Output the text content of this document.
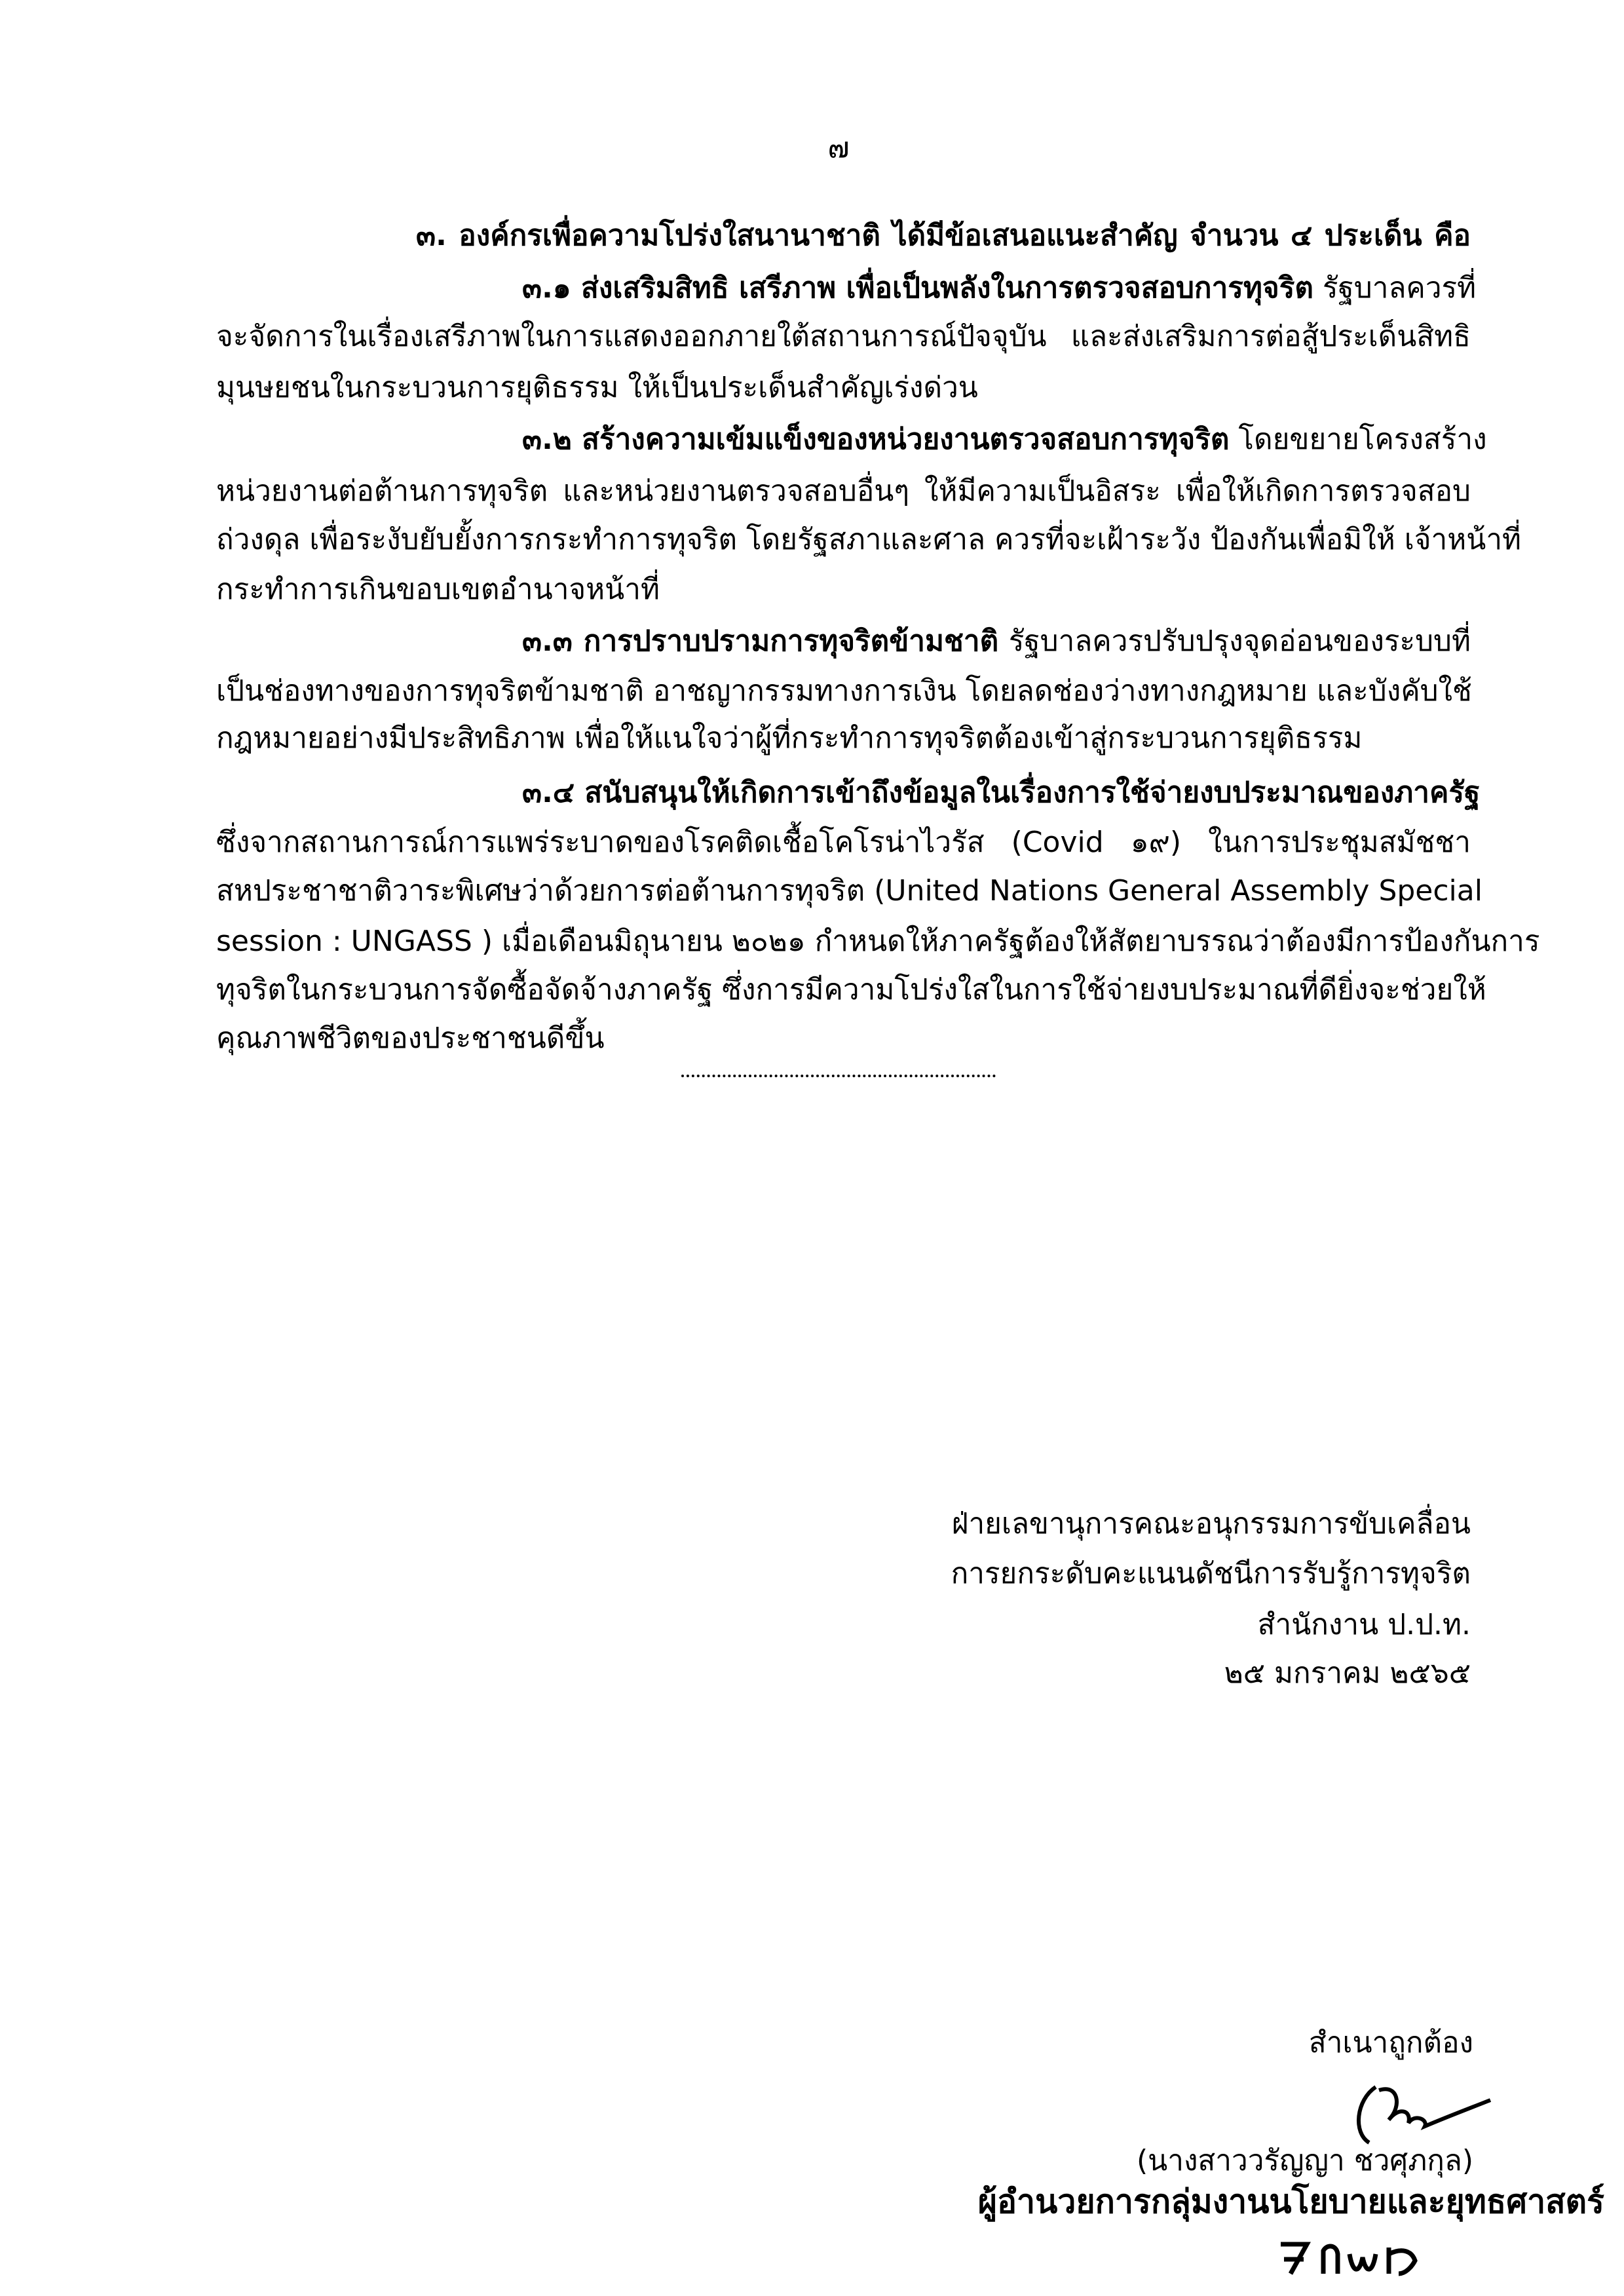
๗
๓. องค์กรเพื่อความโปร่งใสนานาชาติ ได้มีข้อเสนอแนะสำคัญ จำนวน ๔ ประเด็น คือ
๓.๑ ส่งเสริมสิทธิ เสรีภาพ เพื่อเป็นพลังในการตรวจสอบการทุจริต รัฐบาลควรที่
จะจัดการในเรื่องเสรีภาพในการแสดงออกภายใต้สถานการณ์ปัจจุบัน และส่งเสริมการต่อสู้ประเด็นสิทธิ
มุนษยชนในกระบวนการยุติธรรม ให้เป็นประเด็นสำคัญเร่งด่วน
๓.๒ สร้างความเข้มแข็งของหน่วยงานตรวจสอบการทุจริต โดยขยายโครงสร้าง
หน่วยงานต่อต้านการทุจริต และหน่วยงานตรวจสอบอื่นๆ ให้มีความเป็นอิสระ เพื่อให้เกิดการตรวจสอบ
ถ่วงดุล เพื่อระงับยับยั้งการกระทำการทุจริต โดยรัฐสภาและศาล ควรที่จะเฝ้าระวัง ป้องกันเพื่อมิให้ เจ้าหน้าที่
กระทำการเกินขอบเขตอำนาจหน้าที่
๓.๓ การปราบปรามการทุจริตข้ามชาติ รัฐบาลควรปรับปรุงจุดอ่อนของระบบที่
เป็นช่องทางของการทุจริตข้ามชาติ อาชญากรรมทางการเงิน โดยลดช่องว่างทางกฎหมาย และบังคับใช้
กฎหมายอย่างมีประสิทธิภาพ เพื่อให้แนใจว่าผู้ที่กระทำการทุจริตต้องเข้าสู่กระบวนการยุติธรรม
๓.๔ สนับสนุนให้เกิดการเข้าถึงข้อมูลในเรื่องการใช้จ่ายงบประมาณของภาครัฐ
ซึ่งจากสถานการณ์การแพร่ระบาดของโรคติดเชื้อโคโรน่าไวรัส (Covid ๑๙) ในการประชุมสมัชชา
สหประชาชาติวาระพิเศษว่าด้วยการต่อต้านการทุจริต (United Nations General Assembly Special
session : UNGASS ) เมื่อเดือนมิถุนายน ๒๐๒๑ กำหนดให้ภาครัฐต้องให้สัตยาบรรณว่าต้องมีการป้องกันการ
ทุจริตในกระบวนการจัดซื้อจัดจ้างภาครัฐ ซึ่งการมีความโปร่งใสในการใช้จ่ายงบประมาณที่ดียิ่งจะช่วยให้
คุณภาพชีวิตของประชาชนดีขึ้น
ฝ่ายเลขานุการคณะอนุกรรมการขับเคลื่อน
การยกระดับคะแนนดัชนีการรับรู้การทุจริต
สำนักงาน ป.ป.ท.
๒๕ มกราคม ๒๕๖๕
สำเนาถูกต้อง
(นางสาววรัญญา ชวศุภกุล)
ผู้อำนวยการกลุ่มงานนโยบายและยุทธศาสตร์
